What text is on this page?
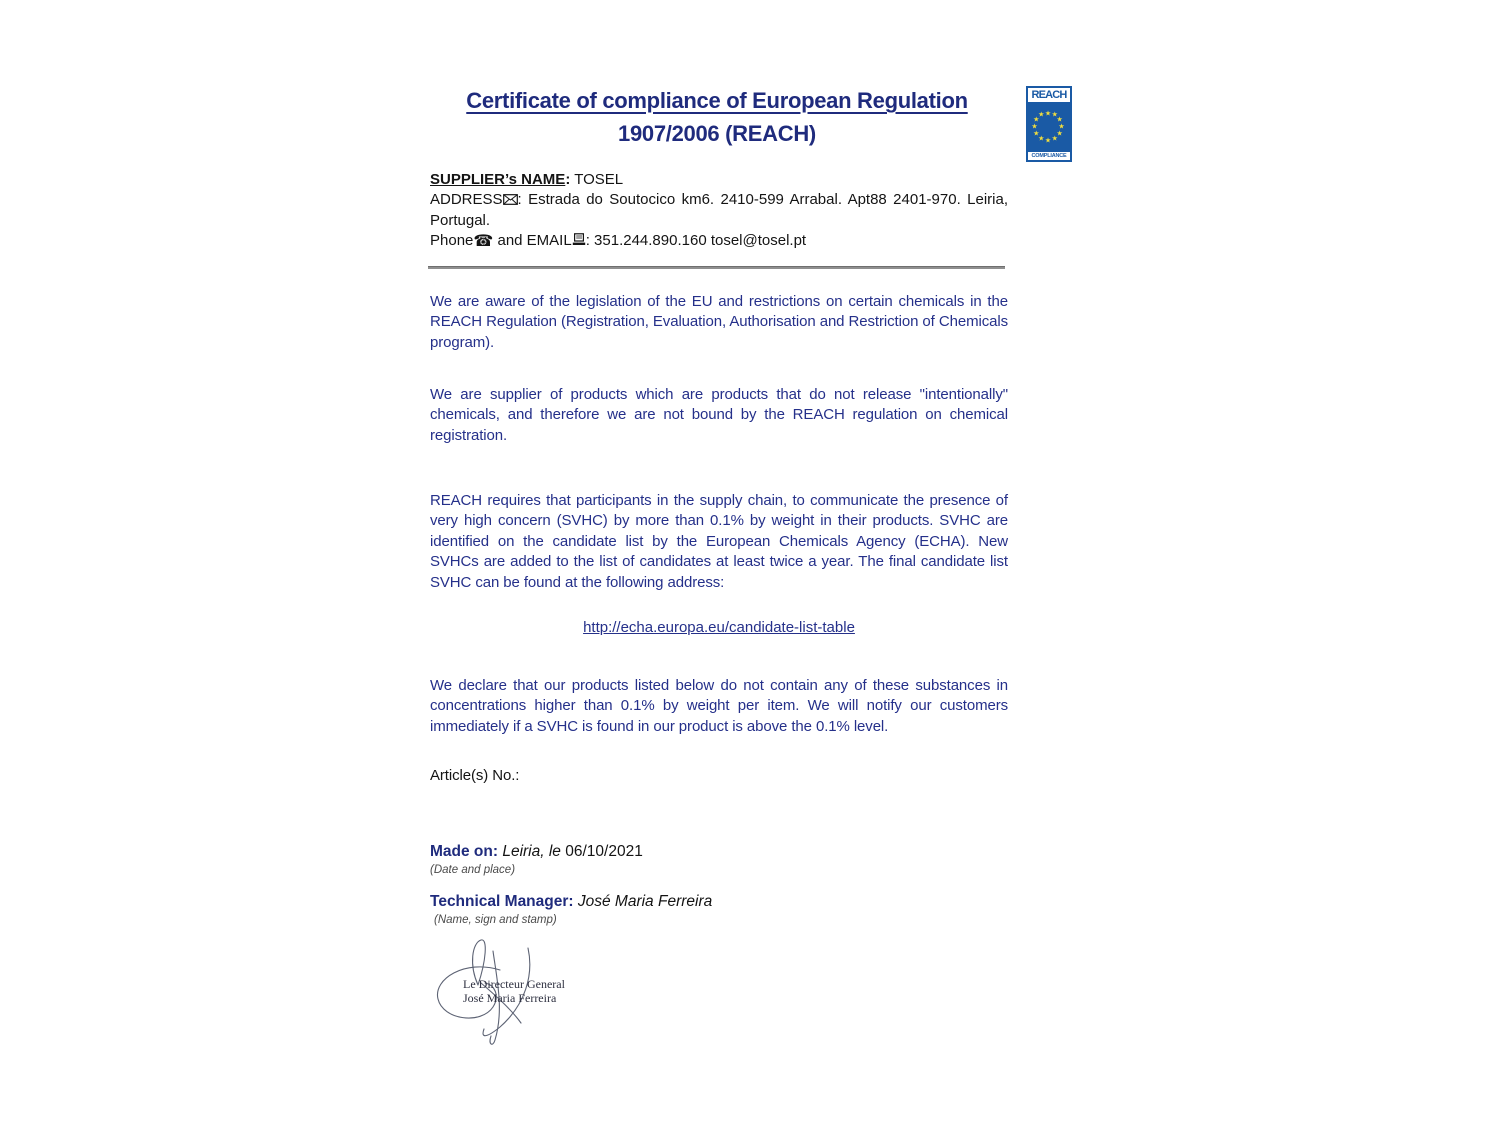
Certificate of compliance of European Regulation
1907/2006 (REACH)
REACH
★ ★
★
★
★
★
★
★
★
★
★
★
COMPLIANCE

SUPPLIER’s NAME: TOSEL

ADDRESS : Estrada do Soutocico km6. 2410-599 Arrabal. Apt88 2401-970. Leiria, Portugal.

Phone☎ and EMAIL : 351.244.890.160 tosel@tosel.pt

We are aware of the legislation of the EU and restrictions on certain chemicals in the REACH Regulation (Registration, Evaluation, Authorisation and Restriction of Chemicals program).

We are supplier of products which are products that do not release "intentionally" chemicals, and therefore we are not bound by the REACH regulation on chemical registration.

REACH requires that participants in the supply chain, to communicate the presence of very high concern (SVHC) by more than 0.1% by weight in their products. SVHC are identified on the candidate list by the European Chemicals Agency (ECHA). New SVHCs are added to the list of candidates at least twice a year. The final candidate list SVHC can be found at the following address:

http://echa.europa.eu/candidate-list-table

We declare that our products listed below do not contain any of these substances in concentrations higher than 0.1% by weight per item. We will notify our customers immediately if a SVHC is found in our product is above the 0.1% level.

Article(s) No.:

Made on: Leiria, le 06/10/2021
(Date and place)
Technical Manager: José Maria Ferreira
(Name, sign and stamp)
Le Directeur General
José Maria Ferreira
